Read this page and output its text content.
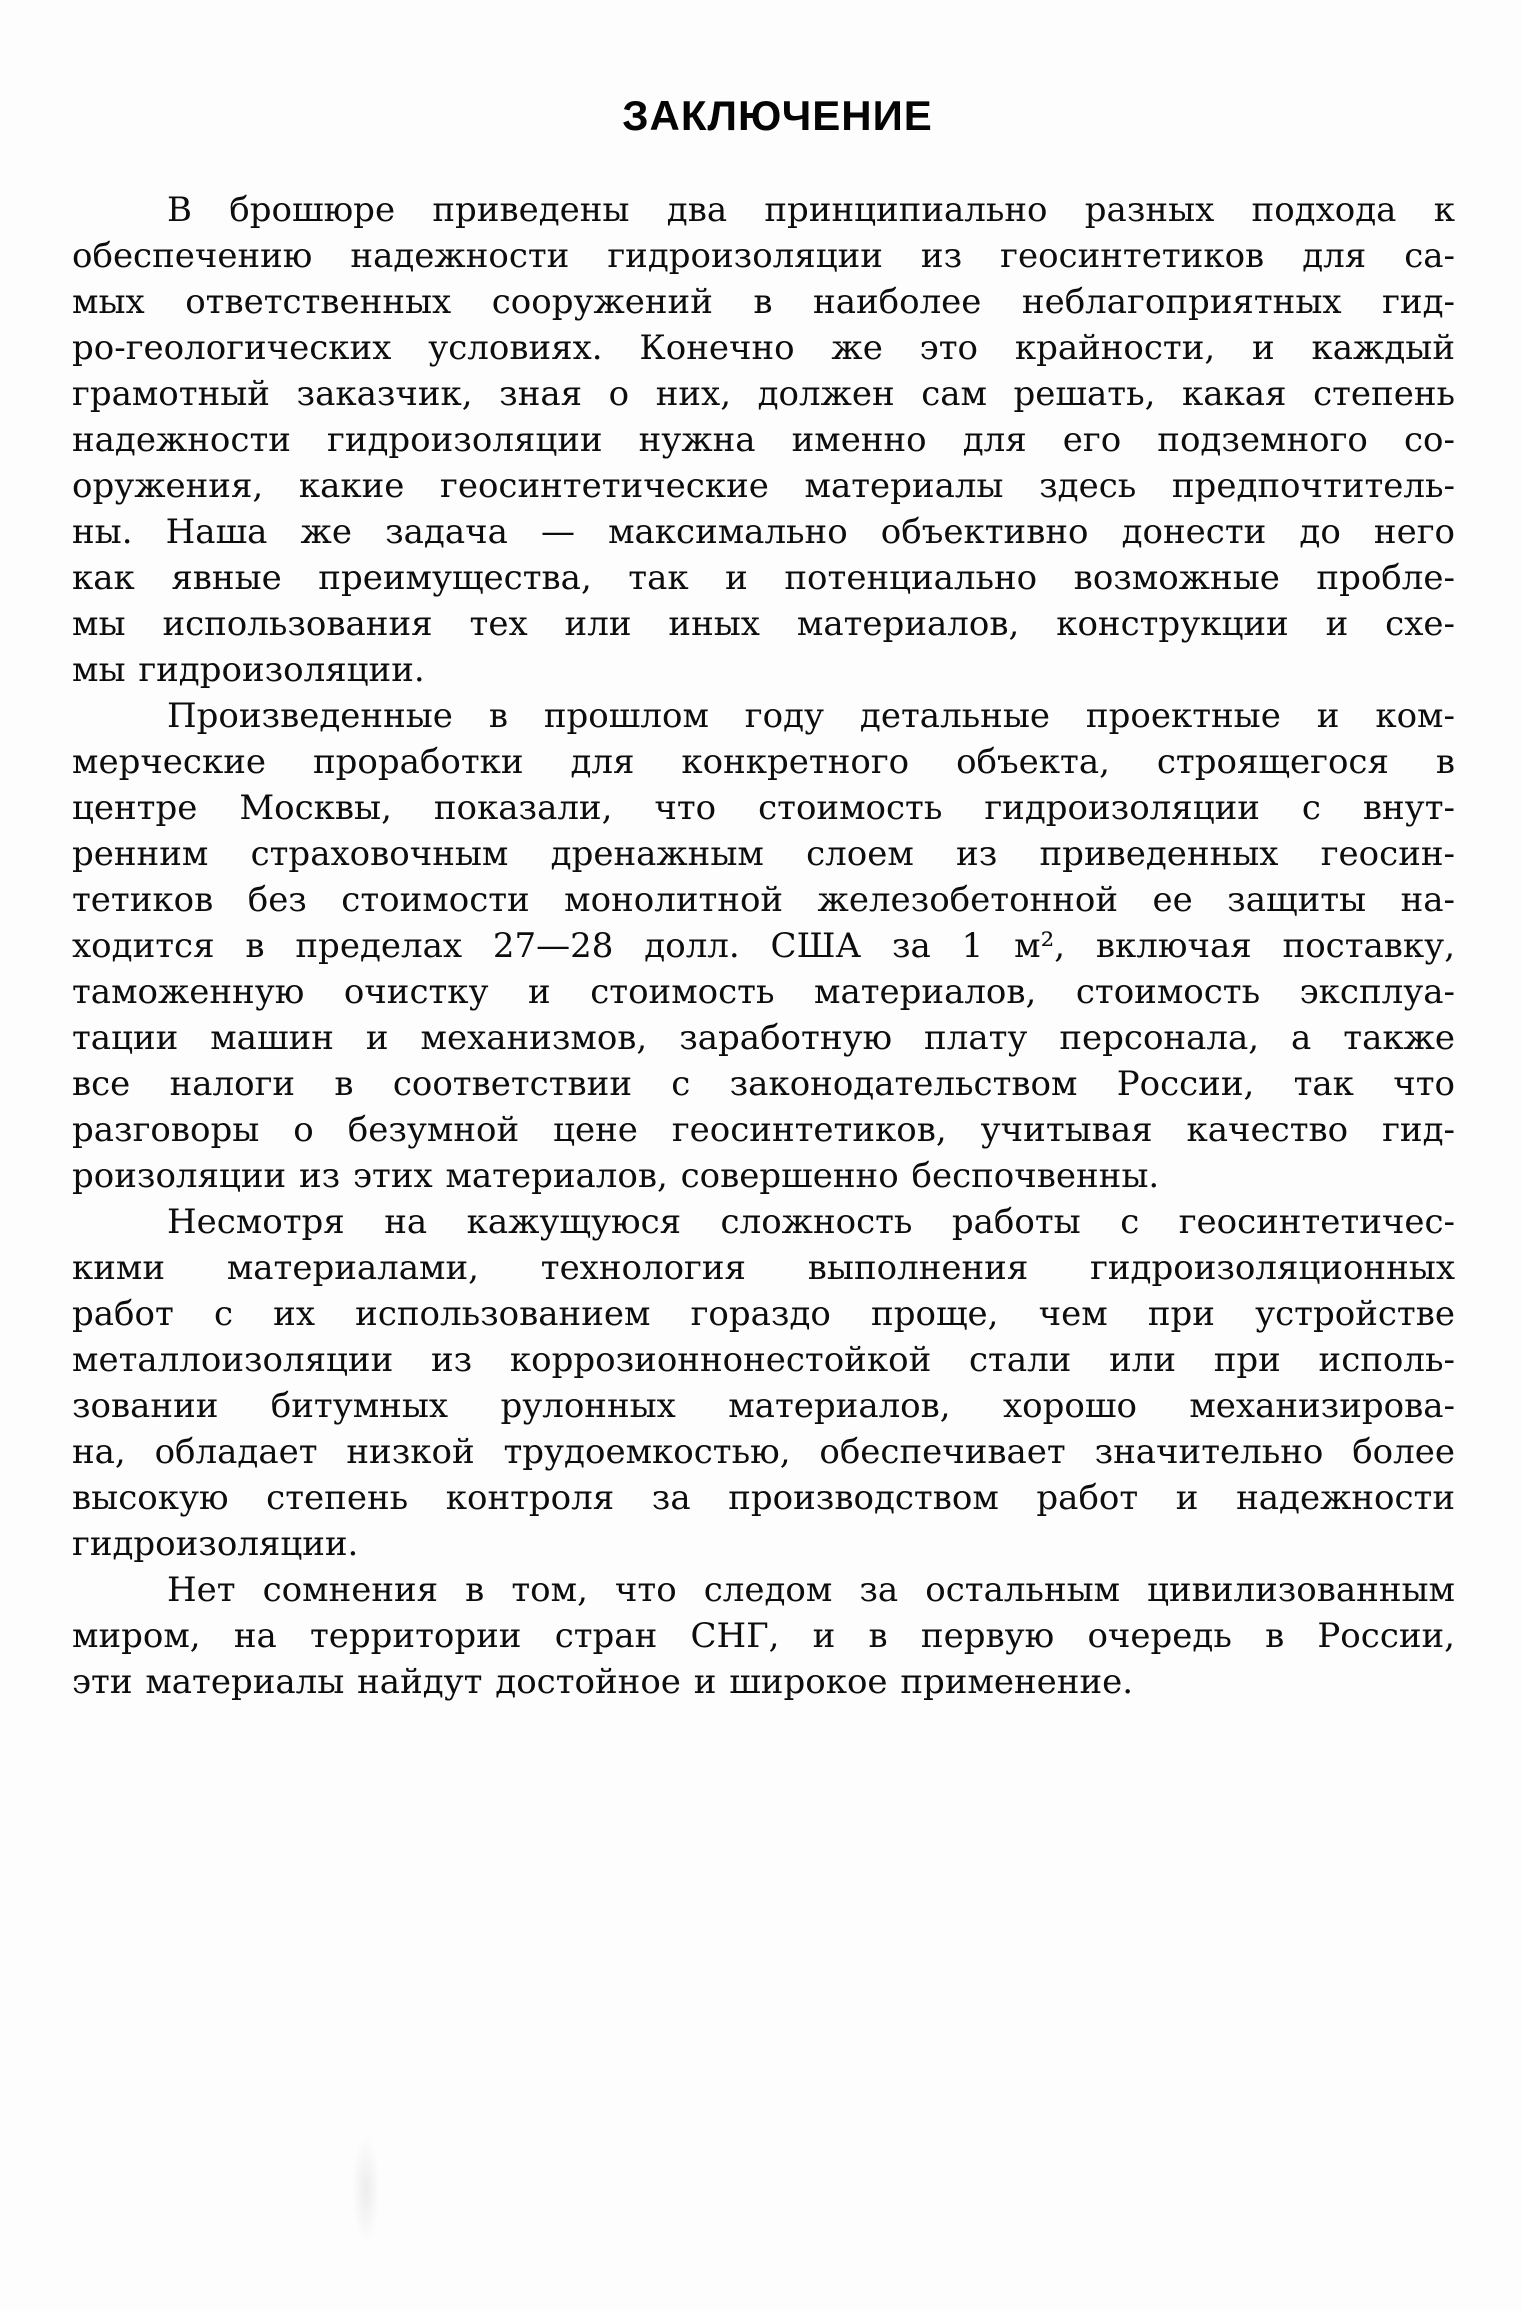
ЗАКЛЮЧЕНИЕ
В брошюре приведены два принципиально разных подхода к
обеспечению надежности гидроизоляции из геосинтетиков для са-
мых ответственных сооружений в наиболее неблагоприятных гид-
ро-геологических условиях. Конечно же это крайности, и каждый
грамотный заказчик, зная о них, должен сам решать, какая степень
надежности гидроизоляции нужна именно для его подземного со-
оружения, какие геосинтетические материалы здесь предпочтитель-
ны. Наша же задача — максимально объективно донести до него
как явные преимущества, так и потенциально возможные пробле-
мы использования тех или иных материалов, конструкции и схе-
мы гидроизоляции.
Произведенные в прошлом году детальные проектные и ком-
мерческие проработки для конкретного объекта, строящегося в
центре Москвы, показали, что стоимость гидроизоляции с внут-
ренним страховочным дренажным слоем из приведенных геосин-
тетиков без стоимости монолитной железобетонной ее защиты на-
ходится в пределах 27—28 долл. США за 1 м², включая поставку,
таможенную очистку и стоимость материалов, стоимость эксплуа-
тации машин и механизмов, заработную плату персонала, а также
все налоги в соответствии с законодательством России, так что
разговоры о безумной цене геосинтетиков, учитывая качество гид-
роизоляции из этих материалов, совершенно беспочвенны.
Несмотря на кажущуюся сложность работы с геосинтетичес-
кими материалами, технология выполнения гидроизоляционных
работ с их использованием гораздо проще, чем при устройстве
металлоизоляции из коррозионнонестойкой стали или при исполь-
зовании битумных рулонных материалов, хорошо механизирова-
на, обладает низкой трудоемкостью, обеспечивает значительно более
высокую степень контроля за производством работ и надежности
гидроизоляции.
Нет сомнения в том, что следом за остальным цивилизованным
миром, на территории стран СНГ, и в первую очередь в России,
эти материалы найдут достойное и широкое применение.
